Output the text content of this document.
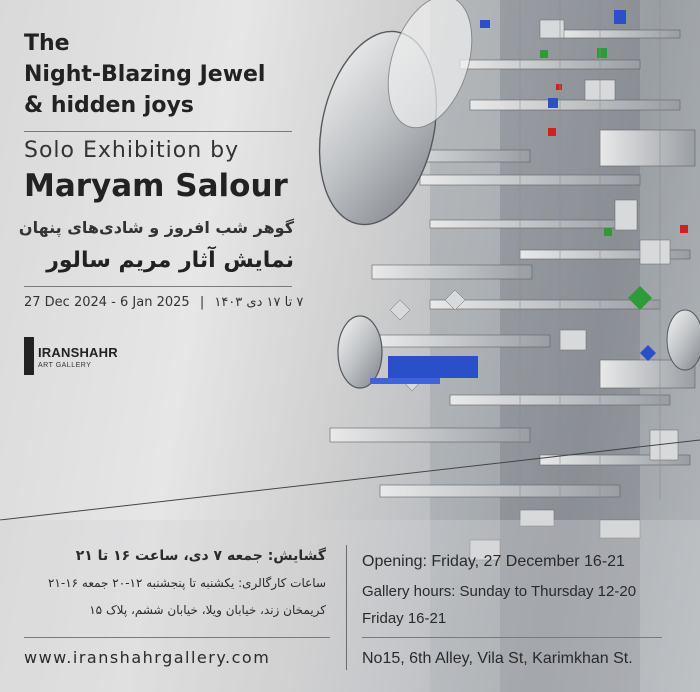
The
Night-Blazing Jewel
& hidden joys
Solo Exhibition by
Maryam Salour
گوهر شب افروز و شادی‌های پنهان
نمایش آثار مریم سالور
27 Dec 2024 - 6 Jan 2025 | ۷ تا ۱۷ دی ۱۴۰۳
IRANSHAHR
ART GALLERY
گشایش: جمعه ۷ دی، ساعت ۱۶ تا ۲۱
ساعات کارگالری: یکشنبه تا پنجشنبه ۱۲-۲۰ جمعه ۱۶-۲۱
کریمخان زند، خیابان ویلا، خیابان ششم، پلاک ۱۵
www.iranshahrgallery.com
Opening: Friday, 27 December 16-21
Gallery hours: Sunday to Thursday 12-20
Friday 16-21
No15, 6th Alley, Vila St, Karimkhan St.
